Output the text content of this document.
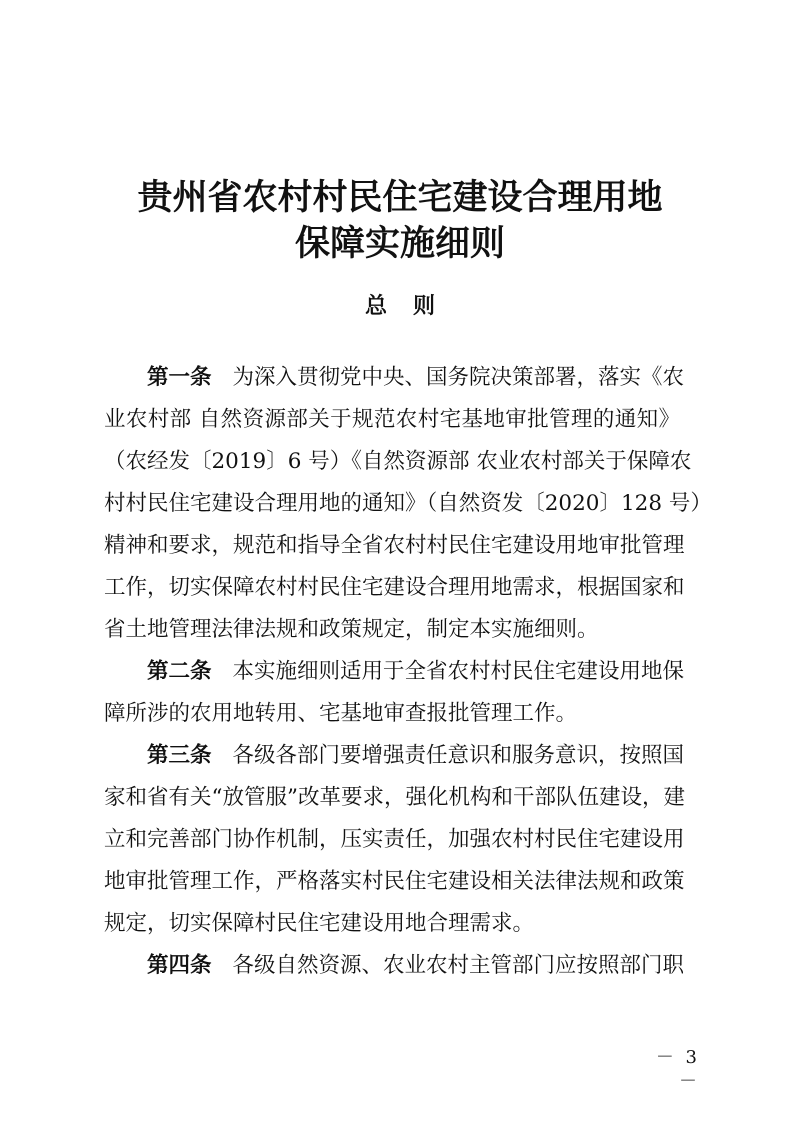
贵州省农村村民住宅建设合理用地
保障实施细则
总 则
第一条 为深入贯彻党中央、国务院决策部署，落实《农
业农村部 自然资源部关于规范农村宅基地审批管理的通知》
（农经发〔2019〕6 号）《自然资源部 农业农村部关于保障农
村村民住宅建设合理用地的通知》（自然资发〔2020〕128 号）
精神和要求，规范和指导全省农村村民住宅建设用地审批管理
工作，切实保障农村村民住宅建设合理用地需求，根据国家和
省土地管理法律法规和政策规定，制定本实施细则。
第二条 本实施细则适用于全省农村村民住宅建设用地保
障所涉的农用地转用、宅基地审查报批管理工作。
第三条 各级各部门要增强责任意识和服务意识，按照国
家和省有关“放管服”改革要求，强化机构和干部队伍建设，建
立和完善部门协作机制，压实责任，加强农村村民住宅建设用
地审批管理工作，严格落实村民住宅建设相关法律法规和政策
规定，切实保障村民住宅建设用地合理需求。
第四条 各级自然资源、农业农村主管部门应按照部门职
－ 3 －
